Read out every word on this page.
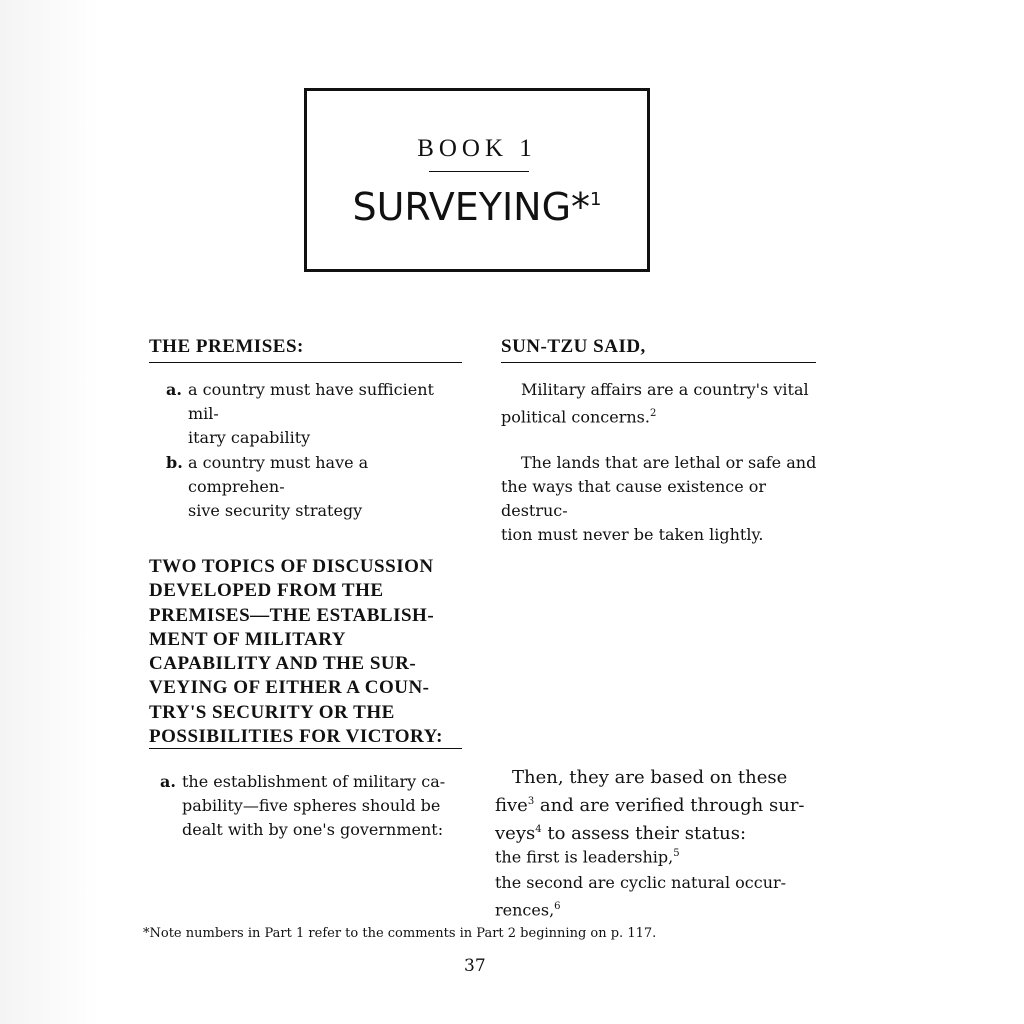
BOOK 1
SURVEYING*$^1$
THE PREMISES:
a. a country must have sufficient mil-
itary capability
b. a country must have a comprehen-
sive security strategy
TWO TOPICS OF DISCUSSION
DEVELOPED FROM THE
PREMISES—THE ESTABLISH-
MENT OF MILITARY
CAPABILITY AND THE SUR-
VEYING OF EITHER A COUN-
TRY'S SECURITY OR THE
POSSIBILITIES FOR VICTORY:
a. the establishment of military ca-
pability—five spheres should be
dealt with by one's government:
SUN-TZU SAID,
Military affairs are a country's vital
political concerns.$^2$
The lands that are lethal or safe and
the ways that cause existence or destruc-
tion must never be taken lightly.
Then, they are based on these
five$^3$ and are verified through sur-
veys$^4$ to assess their status:
the first is leadership,$^5$
the second are cyclic natural occur-
rences,$^6$
*Note numbers in Part 1 refer to the comments in Part 2 beginning on p. 117.
37
